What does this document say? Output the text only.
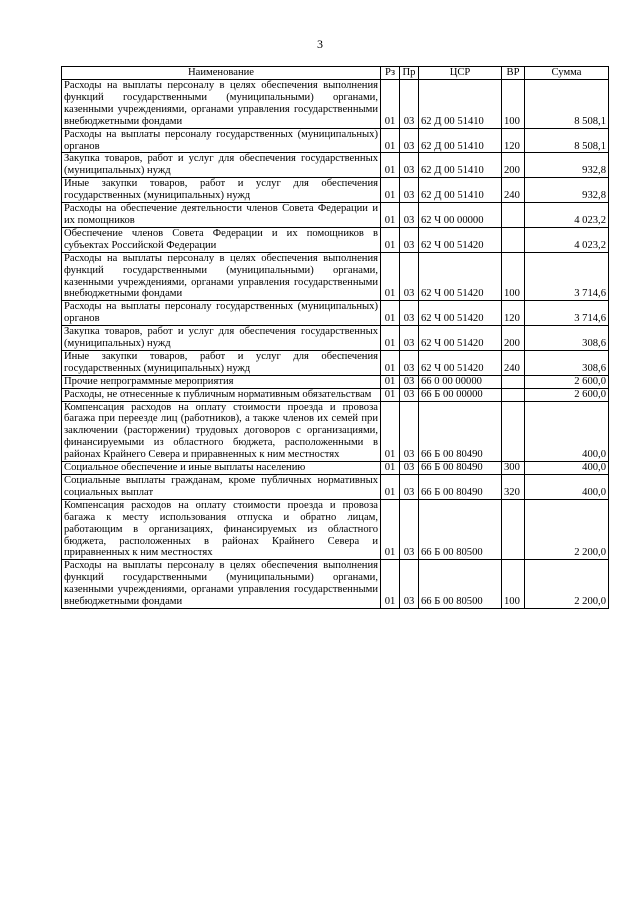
3
Наименование	Рз	Пр	ЦСР	ВР	Сумма
Расходы на выплаты персоналу в целях обеспечения выполнения функций государственными (муниципальными) органами, казенными учреждениями, органами управления государственными внебюджетными фондами	01	03	62 Д 00 51410	100	8 508,1
Расходы на выплаты персоналу государственных (муниципальных) органов	01	03	62 Д 00 51410	120	8 508,1
Закупка товаров, работ и услуг для обеспечения государственных (муниципальных) нужд	01	03	62 Д 00 51410	200	932,8
Иные закупки товаров, работ и услуг для обеспечения государственных (муниципальных) нужд	01	03	62 Д 00 51410	240	932,8
Расходы на обеспечение деятельности членов Совета Федерации и их помощников	01	03	62 Ч 00 00000		4 023,2
Обеспечение членов Совета Федерации и их помощников в субъектах Российской Федерации	01	03	62 Ч 00 51420		4 023,2
Расходы на выплаты персоналу в целях обеспечения выполнения функций государственными (муниципальными) органами, казенными учреждениями, органами управления государственными внебюджетными фондами	01	03	62 Ч 00 51420	100	3 714,6
Расходы на выплаты персоналу государственных (муниципальных) органов	01	03	62 Ч 00 51420	120	3 714,6
Закупка товаров, работ и услуг для обеспечения государственных (муниципальных) нужд	01	03	62 Ч 00 51420	200	308,6
Иные закупки товаров, работ и услуг для обеспечения государственных (муниципальных) нужд	01	03	62 Ч 00 51420	240	308,6
Прочие непрограммные мероприятия	01	03	66 0 00 00000		2 600,0
Расходы, не отнесенные к публичным нормативным обязательствам	01	03	66 Б 00 00000		2 600,0
Компенсация расходов на оплату стоимости проезда и провоза багажа при переезде лиц (работников), а также членов их семей при заключении (расторжении) трудовых договоров с организациями, финансируемыми из областного бюджета, расположенными в районах Крайнего Севера и приравненных к ним местностях	01	03	66 Б 00 80490		400,0
Социальное обеспечение и иные выплаты населению	01	03	66 Б 00 80490	300	400,0
Социальные выплаты гражданам, кроме публичных нормативных социальных выплат	01	03	66 Б 00 80490	320	400,0
Компенсация расходов на оплату стоимости проезда и провоза багажа к месту использования отпуска и обратно лицам, работающим в организациях, финансируемых из областного бюджета, расположенных в районах Крайнего Севера и приравненных к ним местностях	01	03	66 Б 00 80500		2 200,0
Расходы на выплаты персоналу в целях обеспечения выполнения функций государственными (муниципальными) органами, казенными учреждениями, органами управления государственными внебюджетными фондами	01	03	66 Б 00 80500	100	2 200,0
